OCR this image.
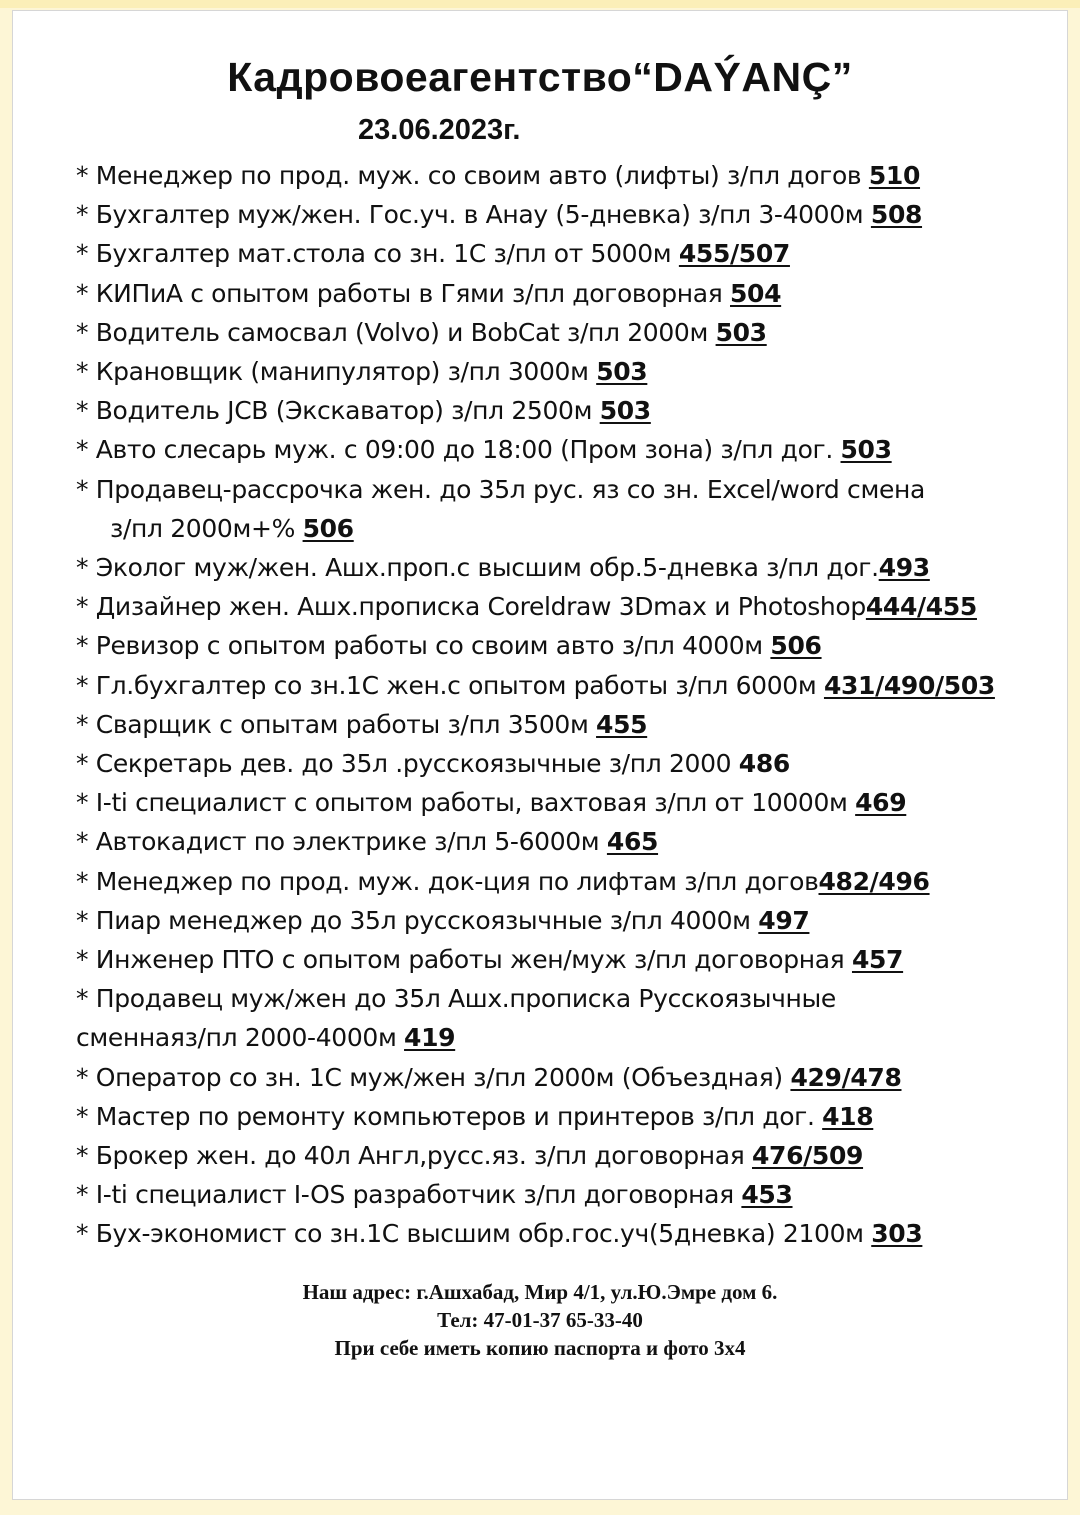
Кадровоеагентство“DAÝANÇ”
23.06.2023г.
* Менеджер по прод. муж. со своим авто (лифты) з/пл догов 510
* Бухгалтер муж/жен. Гос.уч. в Анау (5-дневка) з/пл 3-4000м 508
* Бухгалтер мат.стола со зн. 1С з/пл от 5000м 455/507
* КИПиА с опытом работы в Гями з/пл договорная 504
* Водитель самосвал (Volvo) и BobCat з/пл 2000м 503
* Крановщик (манипулятор) з/пл 3000м 503
* Водитель JCB (Экскаватор) з/пл 2500м 503
* Авто слесарь муж. с 09:00 до 18:00 (Пром зона) з/пл дог. 503
* Продавец-рассрочка жен. до 35л рус. яз со зн. Excel/word смена
з/пл 2000м+% 506
* Эколог муж/жен. Ашх.проп.с высшим обр.5-дневка з/пл дог.493
* Дизайнер жен. Ашх.прописка Coreldraw 3Dmax и Photoshop444/455
* Ревизор с опытом работы со своим авто з/пл 4000м 506
* Гл.бухгалтер со зн.1С жен.с опытом работы з/пл 6000м 431/490/503
* Сварщик с опытам работы з/пл 3500м 455
* Секретарь дев. до 35л .русскоязычные з/пл 2000 486
* I-ti специалист с опытом работы, вахтовая з/пл от 10000м 469
* Автокадист по электрике з/пл 5-6000м 465
* Менеджер по прод. муж. док-ция по лифтам з/пл догов482/496
* Пиар менеджер до 35л русскоязычные з/пл 4000м 497
* Инженер ПТО с опытом работы жен/муж з/пл договорная 457
* Продавец муж/жен до 35л Ашх.прописка Русскоязычные
сменнаяз/пл 2000-4000м 419
* Оператор со зн. 1С муж/жен з/пл 2000м (Объездная) 429/478
* Мастер по ремонту компьютеров и принтеров з/пл дог. 418
* Брокер жен. до 40л Англ,русс.яз. з/пл договорная 476/509
* I-ti специалист I-OS разработчик з/пл договорная 453
* Бух-экономист со зн.1С высшим обр.гос.уч(5дневка) 2100м 303
Наш адрес: г.Ашхабад, Мир 4/1, ул.Ю.Эмре дом 6.
Тел: 47-01-37 65-33-40
При себе иметь копию паспорта и фото 3х4
